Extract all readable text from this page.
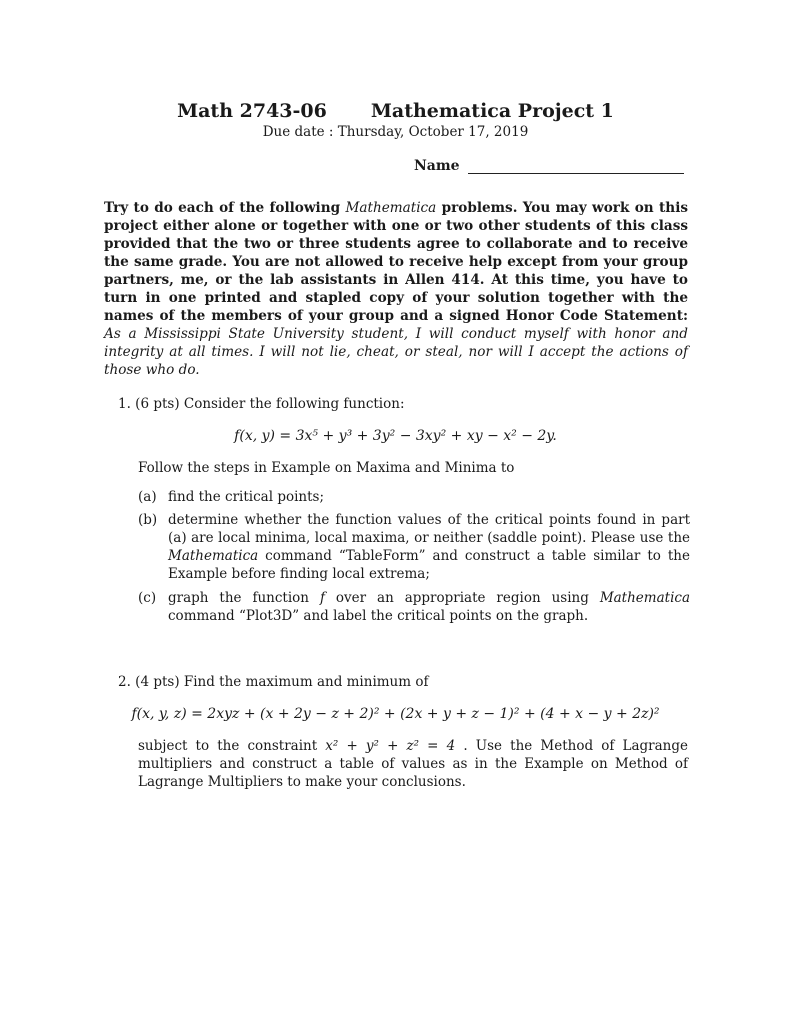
Math 2743-06 Mathematica Project 1
Due date : Thursday, October 17, 2019
Name
Try to do each of the following Mathematica problems. You may work on this project either alone or together with one or two other students of this class provided that the two or three students agree to collaborate and to receive the same grade. You are not allowed to receive help except from your group partners, me, or the lab assistants in Allen 414. At this time, you have to turn in one printed and stapled copy of your solution together with the names of the members of your group and a signed Honor Code Statement: As a Mississippi State University student, I will conduct myself with honor and integrity at all times. I will not lie, cheat, or steal, nor will I accept the actions of those who do.
1. (6 pts) Consider the following function:
f(x, y) = 3x⁵ + y³ + 3y² − 3xy² + xy − x² − 2y.
Follow the steps in Example on Maxima and Minima to
(a) find the critical points;
(b) determine whether the function values of the critical points found in part (a) are local minima, local maxima, or neither (saddle point). Please use the Mathematica command “TableForm” and construct a table similar to the Example before finding local extrema;
(c) graph the function f over an appropriate region using Mathematica command “Plot3D” and label the critical points on the graph.
2. (4 pts) Find the maximum and minimum of
f(x, y, z) = 2xyz + (x + 2y − z + 2)² + (2x + y + z − 1)² + (4 + x − y + 2z)²
subject to the constraint x² + y² + z² = 4 . Use the Method of Lagrange multipliers and construct a table of values as in the Example on Method of Lagrange Multipliers to make your conclusions.
